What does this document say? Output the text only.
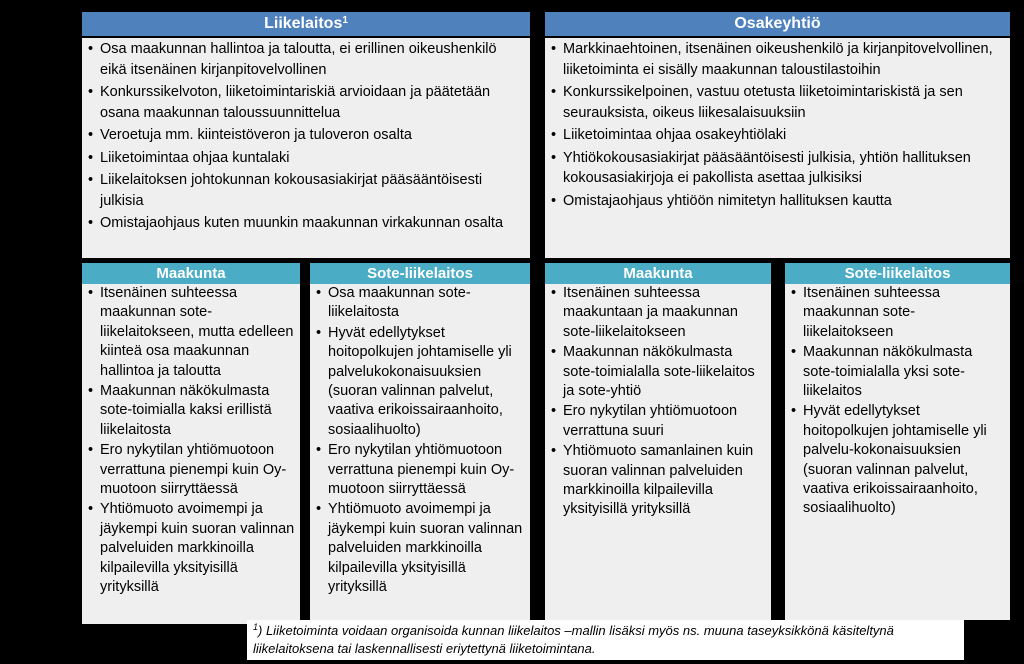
Liikelaitos$^1$	Osakeyhtiö
• Osa maakunnan hallintoa ja taloutta, ei erillinen oikeushenkilö eikä itsenäinen kirjanpitovelvollinen
• Konkurssikelvoton, liiketoimintariskiä arvioidaan ja päätetään osana maakunnan taloussuunnittelua
• Veroetuja mm. kiinteistöveron ja tuloveron osalta
• Liiketoimintaa ohjaa kuntalaki
• Liikelaitoksen johtokunnan kokousasiakirjat pääsääntöisesti julkisia
• Omistajaohjaus kuten muunkin maakunnan virkakunnan osalta
• Markkinaehtoinen, itsenäinen oikeushenkilö ja kirjanpitovelvollinen, liiketoiminta ei sisälly maakunnan taloustilastoihin
• Konkurssikelpoinen, vastuu otetusta liiketoimintariskistä ja sen seurauksista, oikeus liikesalaisuuksiin
• Liiketoimintaa ohjaa osakeyhtiölaki
• Yhtiökokousasiakirjat pääsääntöisesti julkisia, yhtiön hallituksen kokousasiakirjoja ei pakollista asettaa julkisiksi
• Omistajaohjaus yhtiöön nimitetyn hallituksen kautta
Maakunta	Sote-liikelaitos	Maakunta	Sote-liikelaitos
• Itsenäinen suhteessa maakunnan sote-liikelaitokseen, mutta edelleen kiinteä osa maakunnan hallintoa ja taloutta
• Maakunnan näkökulmasta sote-toimialla kaksi erillistä liikelaitosta
• Ero nykytilan yhtiömuotoon verrattuna pienempi kuin Oy-muotoon siirryttäessä
• Yhtiömuoto avoimempi ja jäykempi kuin suoran valinnan palveluiden markkinoilla kilpailevilla yksityisillä yrityksillä
• Osa maakunnan sote-liikelaitosta
• Hyvät edellytykset hoitopolkujen johtamiselle yli palvelukokonaisuuksien (suoran valinnan palvelut, vaativa erikoissairaanhoito, sosiaalihuolto)
• Ero nykytilan yhtiömuotoon verrattuna pienempi kuin Oy-muotoon siirryttäessä
• Yhtiömuoto avoimempi ja jäykempi kuin suoran valinnan palveluiden markkinoilla kilpailevilla yksityisillä yrityksillä
• Itsenäinen suhteessa maakuntaan ja maakunnan sote-liikelaitokseen
• Maakunnan näkökulmasta sote-toimialalla sote-liikelaitos ja sote-yhtiö
• Ero nykytilan yhtiömuotoon verrattuna suuri
• Yhtiömuoto samanlainen kuin suoran valinnan palveluiden markkinoilla kilpailevilla yksityisillä yrityksillä
• Itsenäinen suhteessa maakunnan sote-liikelaitokseen
• Maakunnan näkökulmasta sote-toimialalla yksi sote-liikelaitos
• Hyvät edellytykset hoitopolkujen johtamiselle yli palvelu-kokonaisuuksien (suoran valinnan palvelut, vaativa erikoissairaanhoito, sosiaalihuolto)
$^1$) Liiketoiminta voidaan organisoida kunnan liikelaitos –mallin lisäksi myös ns. muuna taseyksikkönä käsiteltynä liikelaitoksena tai laskennallisesti eriytettynä liiketoimintana.
